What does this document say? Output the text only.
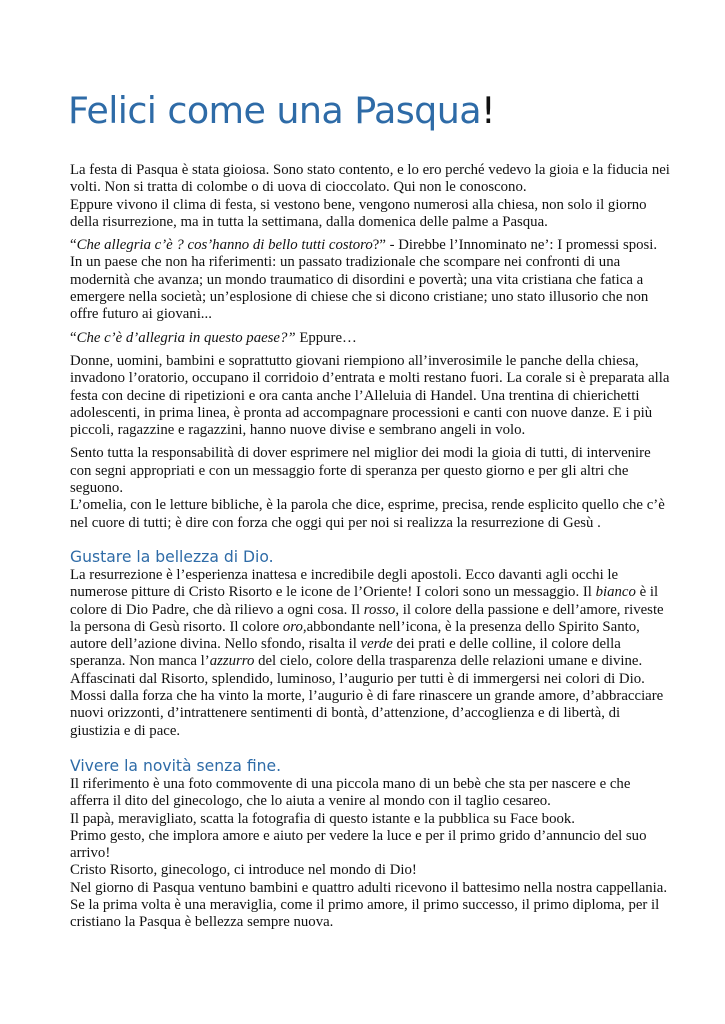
Felici come una Pasqua!

La festa di Pasqua è stata gioiosa. Sono stato contento, e lo ero perché vedevo la gioia e la fiducia nei volti. Non si tratta di colombe o di uova di cioccolato. Qui non le conoscono.

Eppure vivono il clima di festa, si vestono bene, vengono numerosi alla chiesa, non solo il giorno della risurrezione, ma in tutta la settimana, dalla domenica delle palme a Pasqua.

“Che allegria c’è ? cos’hanno di bello tutti costoro?” - Direbbe l’Innominato ne’: I promessi sposi. In un paese che non ha riferimenti: un passato tradizionale che scompare nei confronti di una modernità che avanza; un mondo traumatico di disordini e povertà; una vita cristiana che fatica a emergere nella società; un’esplosione di chiese che si dicono cristiane; uno stato illusorio che non offre futuro ai giovani...

“Che c’è d’allegria in questo paese?” Eppure…

Donne, uomini, bambini e soprattutto giovani riempiono all’inverosimile le panche della chiesa, invadono l’oratorio, occupano il corridoio d’entrata e molti restano fuori. La corale si è preparata alla festa con decine di ripetizioni e ora canta anche l’Alleluia di Handel. Una trentina di chierichetti adolescenti, in prima linea, è pronta ad accompagnare processioni e canti con nuove danze. E i più piccoli, ragazzine e ragazzini, hanno nuove divise e sembrano angeli in volo.

Sento tutta la responsabilità di dover esprimere nel miglior dei modi la gioia di tutti, di intervenire con segni appropriati e con un messaggio forte di speranza per questo giorno e per gli altri che seguono.

L’omelia, con le letture bibliche, è la parola che dice, esprime, precisa, rende esplicito quello che c’è nel cuore di tutti; è dire con forza che oggi qui per noi si realizza la resurrezione di Gesù .

Gustare la bellezza di Dio.

La resurrezione è l’esperienza inattesa e incredibile degli apostoli. Ecco davanti agli occhi le numerose pitture di Cristo Risorto e le icone de l’Oriente! I colori sono un messaggio. Il bianco è il colore di Dio Padre, che dà rilievo a ogni cosa. Il rosso, il colore della passione e dell’amore, riveste la persona di Gesù risorto. Il colore oro,abbondante nell’icona, è la presenza dello Spirito Santo, autore dell’azione divina. Nello sfondo, risalta il verde dei prati e delle colline, il colore della speranza. Non manca l’azzurro del cielo, colore della trasparenza delle relazioni umane e divine. Affascinati dal Risorto, splendido, luminoso, l’augurio per tutti è di immergersi nei colori di Dio. Mossi dalla forza che ha vinto la morte, l’augurio è di fare rinascere un grande amore, d’abbracciare nuovi orizzonti, d’intrattenere sentimenti di bontà, d’attenzione, d’accoglienza e di libertà, di giustizia e di pace.

Vivere la novità senza fine.

Il riferimento è una foto commovente di una piccola mano di un bebè che sta per nascere e che afferra il dito del ginecologo, che lo aiuta a venire al mondo con il taglio cesareo.

Il papà, meravigliato, scatta la fotografia di questo istante e la pubblica su Face book.

Primo gesto, che implora amore e aiuto per vedere la luce e per il primo grido d’annuncio del suo arrivo!

Cristo Risorto, ginecologo, ci introduce nel mondo di Dio!

Nel giorno di Pasqua ventuno bambini e quattro adulti ricevono il battesimo nella nostra cappellania.

Se la prima volta è una meraviglia, come il primo amore, il primo successo, il primo diploma, per il cristiano la Pasqua è bellezza sempre nuova.
